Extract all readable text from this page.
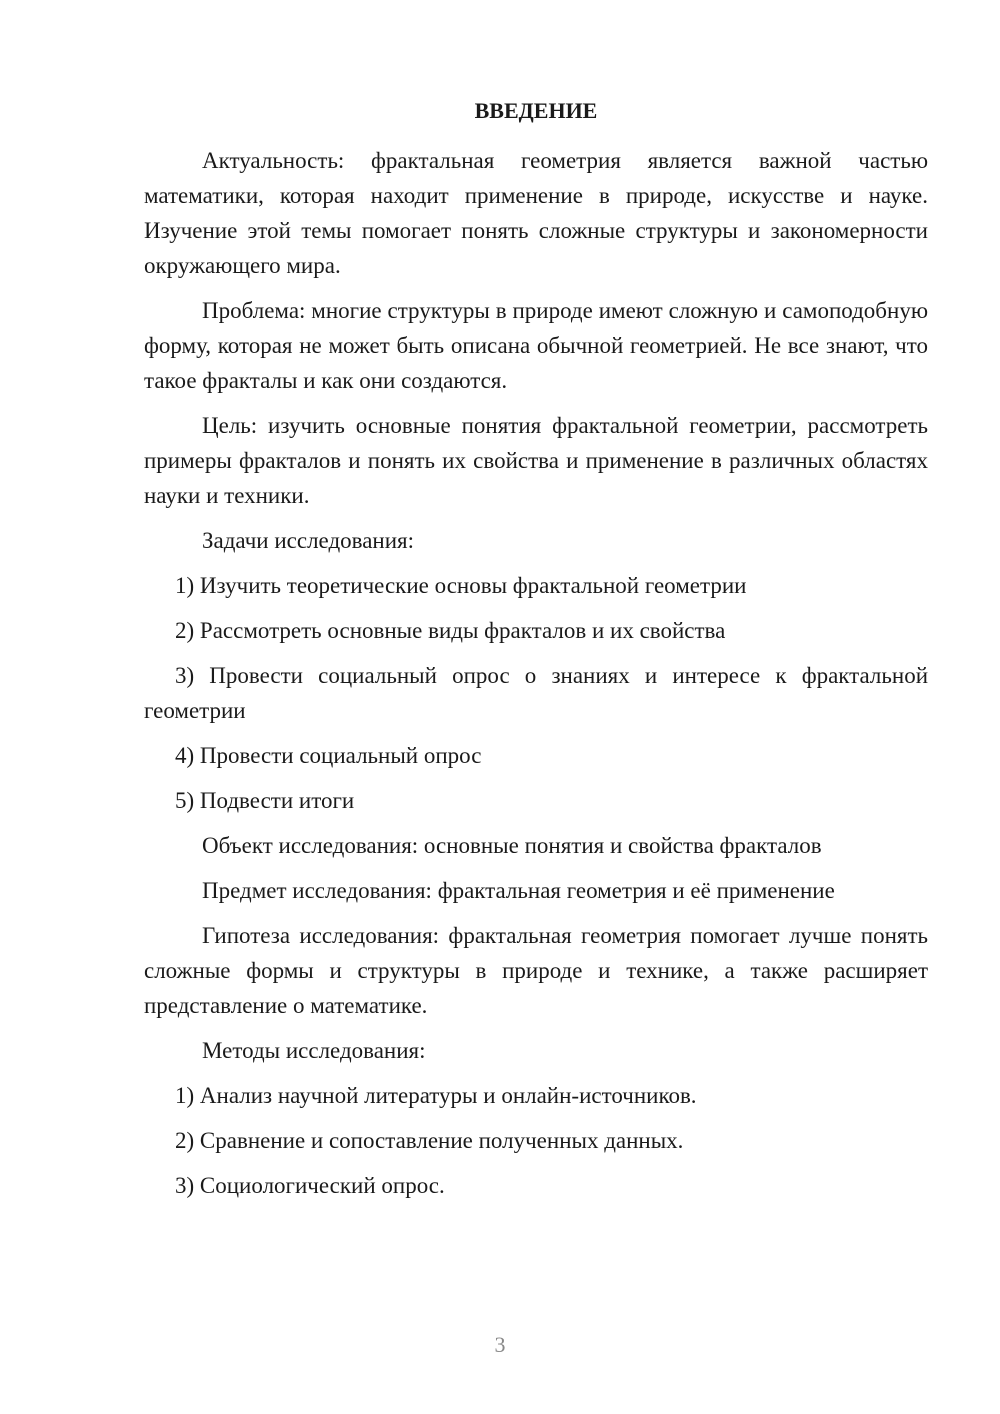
ВВЕДЕНИЕ

Актуальность: фрактальная геометрия является важной частью математики, которая находит применение в природе, искусстве и науке. Изучение этой темы помогает понять сложные структуры и закономерности окружающего мира.

Проблема: многие структуры в природе имеют сложную и самоподобную форму, которая не может быть описана обычной геометрией. Не все знают, что такое фракталы и как они создаются.

Цель: изучить основные понятия фрактальной геометрии, рассмотреть примеры фракталов и понять их свойства и применение в различных областях науки и техники.

Задачи исследования:

1) Изучить теоретические основы фрактальной геометрии

2) Рассмотреть основные виды фракталов и их свойства

3) Провести социальный опрос о знаниях и интересе к фрактальной геометрии

4) Провести социальный опрос

5) Подвести итоги

Объект исследования: основные понятия и свойства фракталов

Предмет исследования: фрактальная геометрия и её применение

Гипотеза исследования: фрактальная геометрия помогает лучше понять сложные формы и структуры в природе и технике, а также расширяет представление о математике.

Методы исследования:

1) Анализ научной литературы и онлайн-источников.

2) Сравнение и сопоставление полученных данных.

3) Социологический опрос.

3
